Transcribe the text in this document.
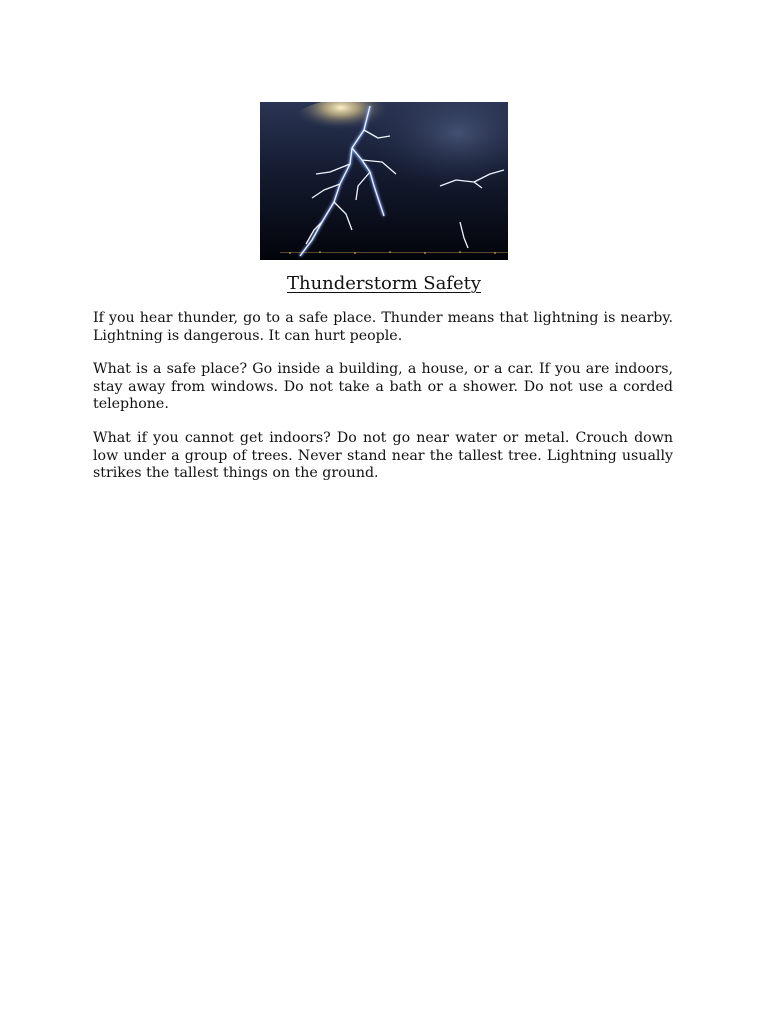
Thunderstorm Safety

If you hear thunder, go to a safe place. Thunder means that lightning is nearby. Lightning is dangerous. It can hurt people.

What is a safe place? Go inside a building, a house, or a car. If you are indoors, stay away from windows. Do not take a bath or a shower. Do not use a corded telephone.

What if you cannot get indoors? Do not go near water or metal. Crouch down low under a group of trees. Never stand near the tallest tree. Lightning usually strikes the tallest things on the ground.
